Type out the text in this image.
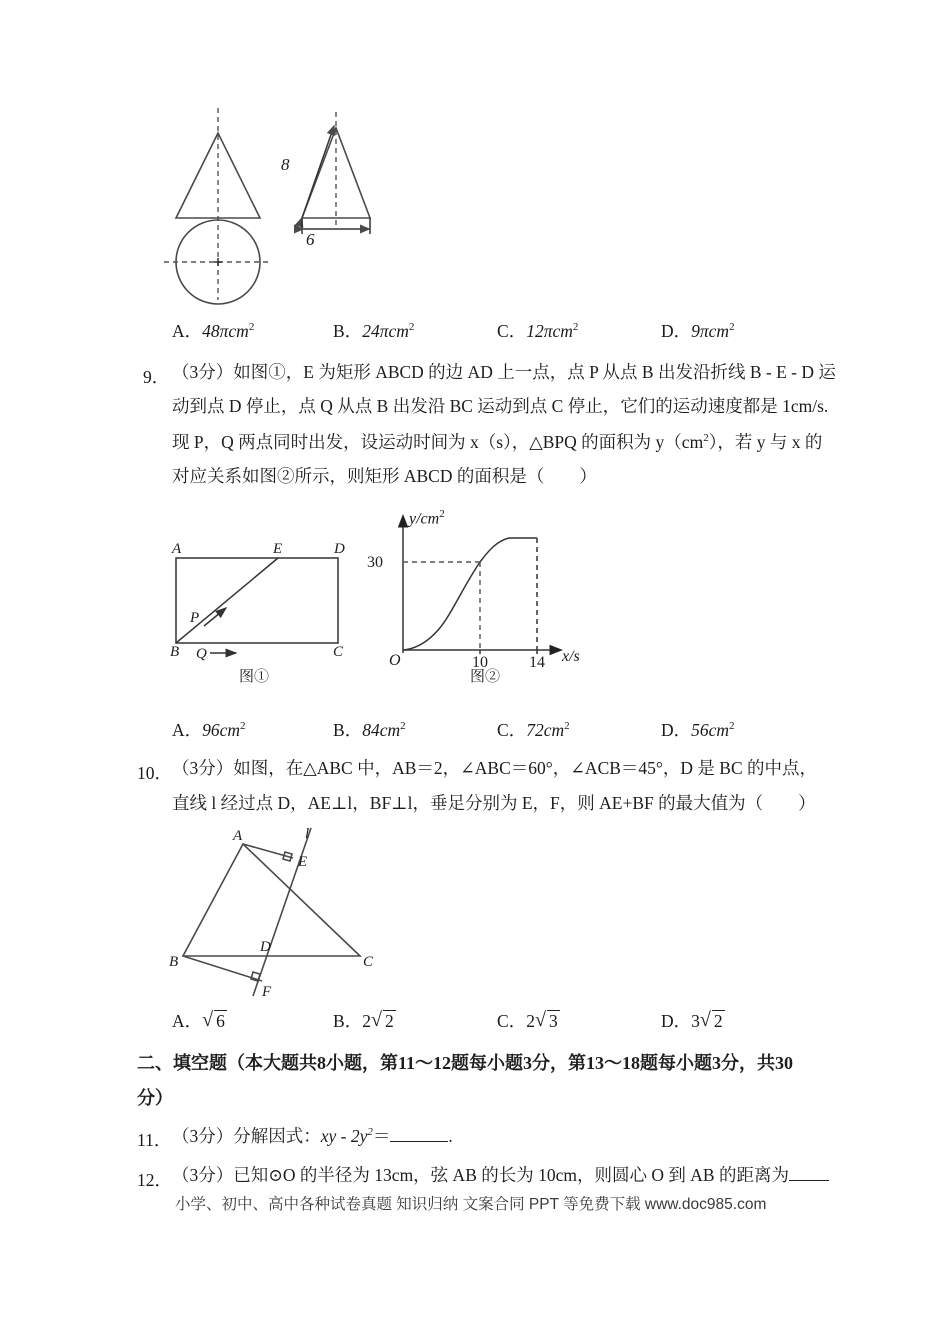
8
6
A．48πcm$^2$	B．24πcm$^2$	C．12πcm$^2$	D．9πcm$^2$
9． （3分）如图①，E 为矩形 ABCD 的边 AD 上一点，点 P 从点 B 出发沿折线 B - E - D 运
动到点 D 停止，点 Q 从点 B 出发沿 BC 运动到点 C 停止，它们的运动速度都是 1cm/s.
现 P，Q 两点同时出发，设运动时间为 x（s），△BPQ 的面积为 $y(cm^2)$，若 y 与 x 的
对应关系如图②所示，则矩形 ABCD 的面积是（　　）
A	E	D
B	C
P
Q
图①
30
O	10	14
$y/cm^2$
x/s
图②
A．$96cm^2$	B．$84cm^2$	C．$72cm^2$	D．$56cm^2$
10． （3分）如图，在△ABC 中，AB＝2，∠ABC＝60°，∠ACB＝45°，D 是 BC 的中点，
直线 l 经过点 D，AE⊥l，BF⊥l，垂足分别为 E，F，则 AE+BF 的最大值为（　　）
A	l
E
B
D
C
F
A． √ 6	B．2 √ 2	C．2 √ 3	D．3 √ 2
二、填空题（本大题共8小题，第11～12题每小题3分，第13～18题每小题3分，共30
分）
11． （3分）分解因式：xy - $2y^2=$	.
12． （3分）已知⊙O 的半径为 13cm，弦 AB 的长为 10cm，则圆心 O 到 AB 的距离为
小学、初中、高中各种试卷真题 知识归纳 文案合同 PPT 等免费下载 www.doc985.com
